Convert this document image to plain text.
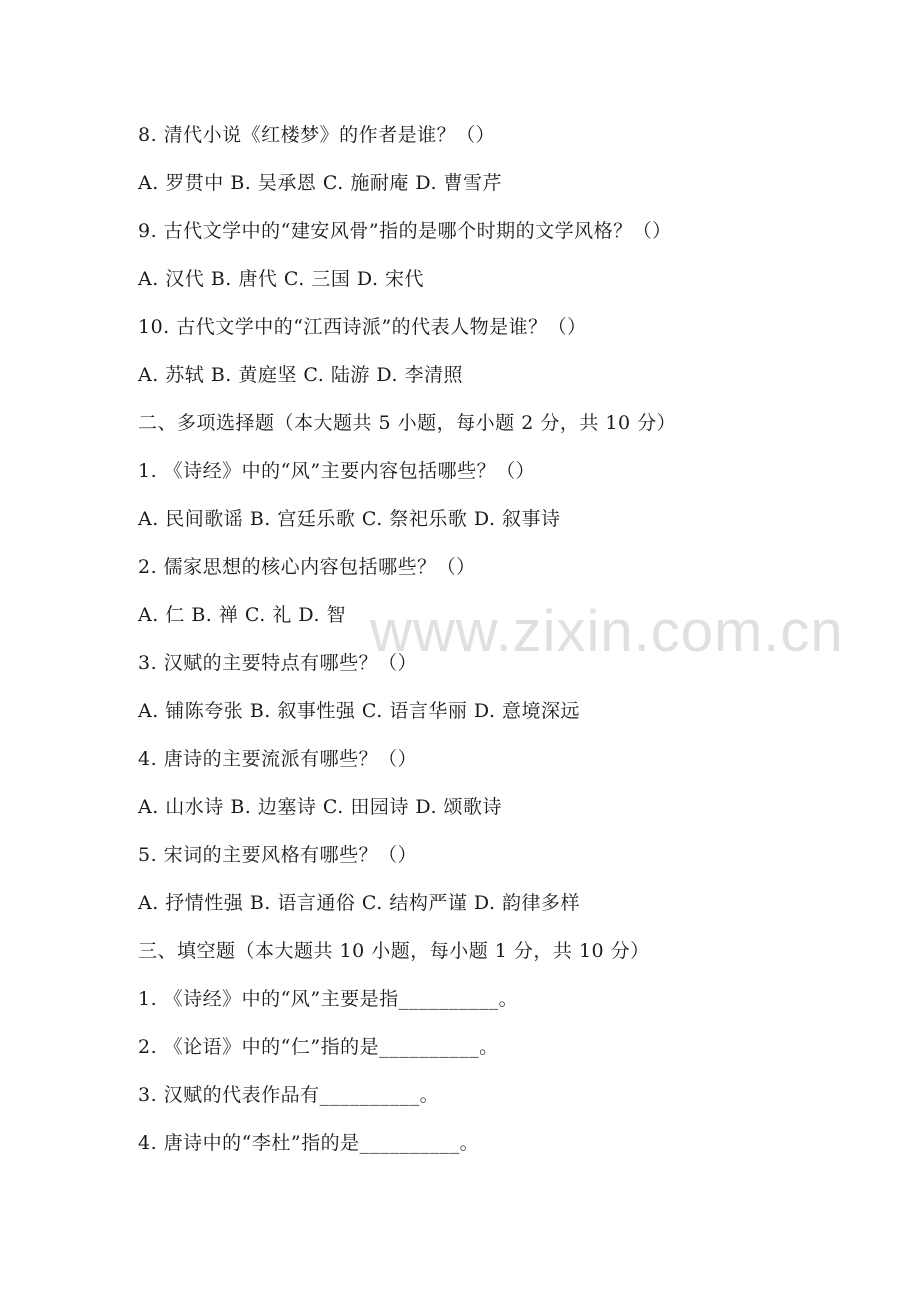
8. 清代小说《红楼梦》的作者是谁？（）
A. 罗贯中 B. 吴承恩 C. 施耐庵 D. 曹雪芹
9. 古代文学中的“建安风骨”指的是哪个时期的文学风格？（）
A. 汉代 B. 唐代 C. 三国 D. 宋代
10. 古代文学中的“江西诗派”的代表人物是谁？（）
A. 苏轼 B. 黄庭坚 C. 陆游 D. 李清照
二、多项选择题（本大题共 5 小题，每小题 2 分，共 10 分）
1. 《诗经》中的“风”主要内容包括哪些？（）
A. 民间歌谣 B. 宫廷乐歌 C. 祭祀乐歌 D. 叙事诗
2. 儒家思想的核心内容包括哪些？（）
A. 仁 B. 禅 C. 礼 D. 智
3. 汉赋的主要特点有哪些？（）
A. 铺陈夸张 B. 叙事性强 C. 语言华丽 D. 意境深远
4. 唐诗的主要流派有哪些？（）
A. 山水诗 B. 边塞诗 C. 田园诗 D. 颂歌诗
5. 宋词的主要风格有哪些？（）
A. 抒情性强 B. 语言通俗 C. 结构严谨 D. 韵律多样
三、填空题（本大题共 10 小题，每小题 1 分，共 10 分）
1. 《诗经》中的“风”主要是指__________。
2. 《论语》中的“仁”指的是__________。
3. 汉赋的代表作品有__________。
4. 唐诗中的“李杜”指的是__________。
www.zixin.com.cn
